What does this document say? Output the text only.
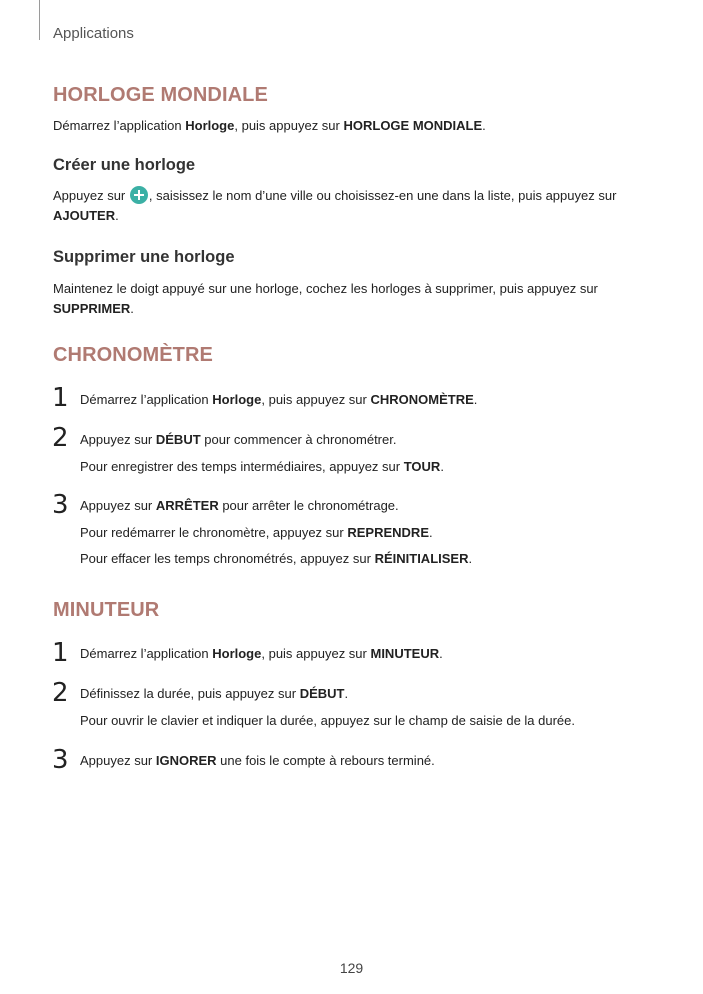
Applications
HORLOGE MONDIALE

Démarrez l’application Horloge, puis appuyez sur HORLOGE MONDIALE.

Créer une horloge

Appuyez sur , saisissez le nom d’une ville ou choisissez-en une dans la liste, puis appuyez sur AJOUTER.

Supprimer une horloge

Maintenez le doigt appuyé sur une horloge, cochez les horloges à supprimer, puis appuyez sur SUPPRIMER.

CHRONOMÈTRE
1 Démarrez l’application Horloge, puis appuyez sur CHRONOMÈTRE.
2 Appuyez sur DÉBUT pour commencer à chronométrer.
Pour enregistrer des temps intermédiaires, appuyez sur TOUR.
3 Appuyez sur ARRÊTER pour arrêter le chronométrage.
Pour redémarrer le chronomètre, appuyez sur REPRENDRE.
Pour effacer les temps chronométrés, appuyez sur RÉINITIALISER.
MINUTEUR
1 Démarrez l’application Horloge, puis appuyez sur MINUTEUR.
2 Définissez la durée, puis appuyez sur DÉBUT.
Pour ouvrir le clavier et indiquer la durée, appuyez sur le champ de saisie de la durée.
3 Appuyez sur IGNORER une fois le compte à rebours terminé.
129
